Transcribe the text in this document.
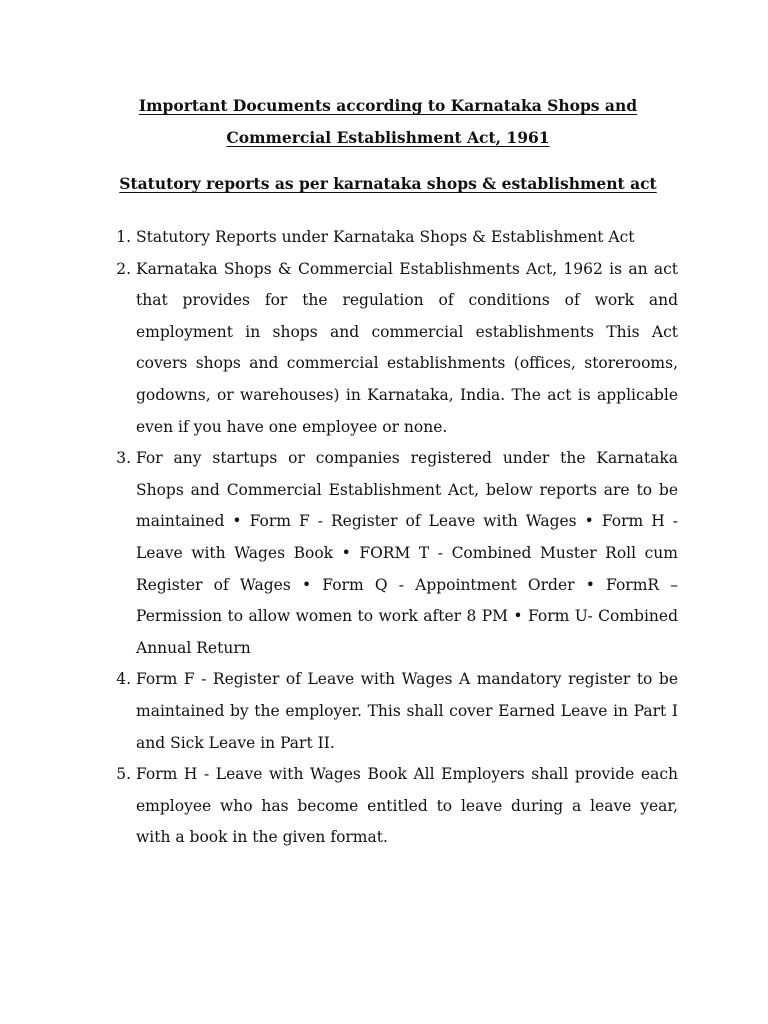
Important Documents according to Karnataka Shops and
Commercial Establishment Act, 1961
Statutory reports as per karnataka shops & establishment act
1. Statutory Reports under Karnataka Shops & Establishment Act
2. Karnataka Shops & Commercial Establishments Act, 1962 is an act that provides for the regulation of conditions of work and employment in shops and commercial establishments This Act covers shops and commercial establishments (offices, storerooms, godowns, or warehouses) in Karnataka, India. The act is applicable even if you have one employee or none.
3. For any startups or companies registered under the Karnataka Shops and Commercial Establishment Act, below reports are to be maintained • Form F - Register of Leave with Wages • Form H - Leave with Wages Book • FORM T - Combined Muster Roll cum Register of Wages • Form Q - Appointment Order • FormR – Permission to allow women to work after 8 PM • Form U- Combined Annual Return
4. Form F - Register of Leave with Wages A mandatory register to be maintained by the employer. This shall cover Earned Leave in Part I and Sick Leave in Part II.
5. Form H - Leave with Wages Book All Employers shall provide each employee who has become entitled to leave during a leave year, with a book in the given format.
